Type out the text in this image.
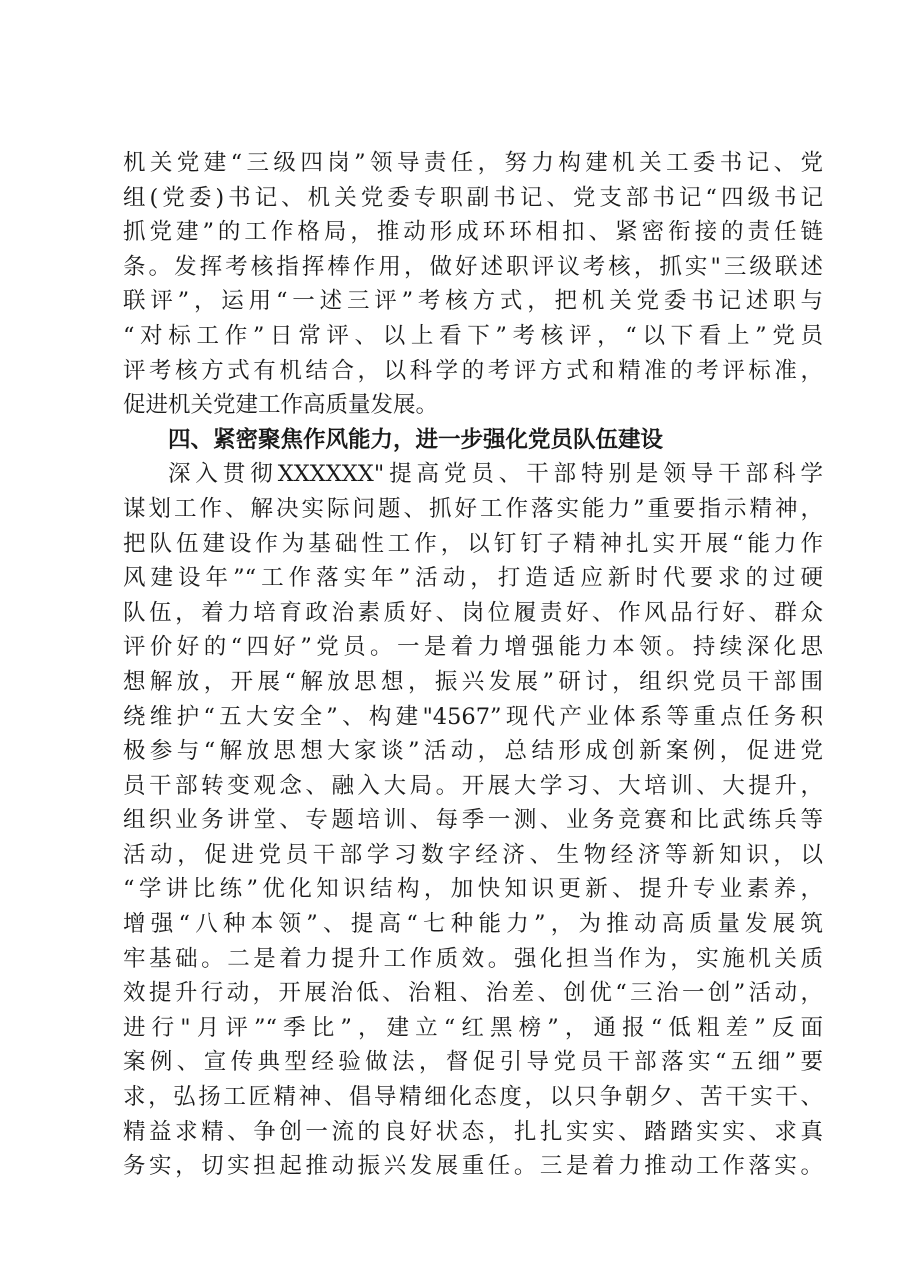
机关党建“三级四岗”领导责任，努力构建机关工委书记、党
组(党委)书记、机关党委专职副书记、党支部书记“四级书记
抓党建”的工作格局，推动形成环环相扣、紧密衔接的责任链
条。发挥考核指挥棒作用，做好述职评议考核，抓实"三级联述
联评”，运用“一述三评”考核方式，把机关党委书记述职与
“对标工作”日常评、以上看下”考核评，“以下看上”党员
评考核方式有机结合，以科学的考评方式和精准的考评标准，
促进机关党建工作高质量发展。
四、紧密聚焦作风能力，进一步强化党员队伍建设
深入贯彻XXXXXX"提高党员、干部特别是领导干部科学
谋划工作、解决实际问题、抓好工作落实能力”重要指示精神，
把队伍建设作为基础性工作，以钉钉子精神扎实开展“能力作
风建设年”“工作落实年”活动，打造适应新时代要求的过硬
队伍，着力培育政治素质好、岗位履责好、作风品行好、群众
评价好的“四好”党员。一是着力增强能力本领。持续深化思
想解放，开展“解放思想，振兴发展”研讨，组织党员干部围
绕维护“五大安全”、构建"4567”现代产业体系等重点任务积
极参与“解放思想大家谈”活动，总结形成创新案例，促进党
员干部转变观念、融入大局。开展大学习、大培训、大提升，
组织业务讲堂、专题培训、每季一测、业务竞赛和比武练兵等
活动，促进党员干部学习数字经济、生物经济等新知识，以
“学讲比练”优化知识结构，加快知识更新、提升专业素养，
增强“八种本领”、提高“七种能力”，为推动高质量发展筑
牢基础。二是着力提升工作质效。强化担当作为，实施机关质
效提升行动，开展治低、治粗、治差、创优“三治一创”活动，
进行"月评”“季比”，建立“红黑榜”，通报“低粗差”反面
案例、宣传典型经验做法，督促引导党员干部落实“五细”要
求，弘扬工匠精神、倡导精细化态度，以只争朝夕、苦干实干、
精益求精、争创一流的良好状态，扎扎实实、踏踏实实、求真
务实，切实担起推动振兴发展重任。三是着力推动工作落实。
